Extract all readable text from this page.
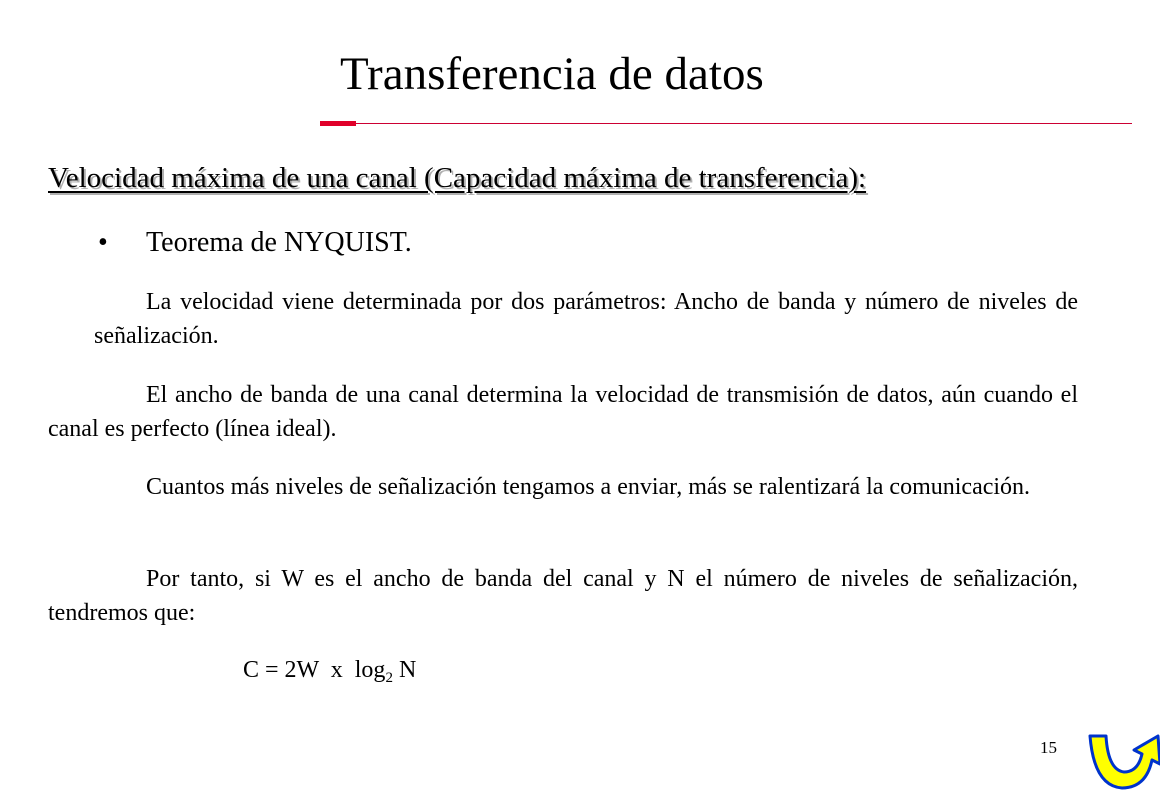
Transferencia de datos
Velocidad máxima de una canal (Capacidad máxima de transferencia):
• Teorema de NYQUIST.
La velocidad viene determinada por dos parámetros: Ancho de banda y número de niveles de señalización.
El ancho de banda de una canal determina la velocidad de transmisión de datos, aún cuando el canal es perfecto (línea ideal).
Cuantos más niveles de señalización tengamos a enviar, más se ralentizará la comunicación.
Por tanto, si W es el ancho de banda del canal y N el número de niveles de señalización, tendremos que:
C = 2W  x  $\log_2 N$
15
